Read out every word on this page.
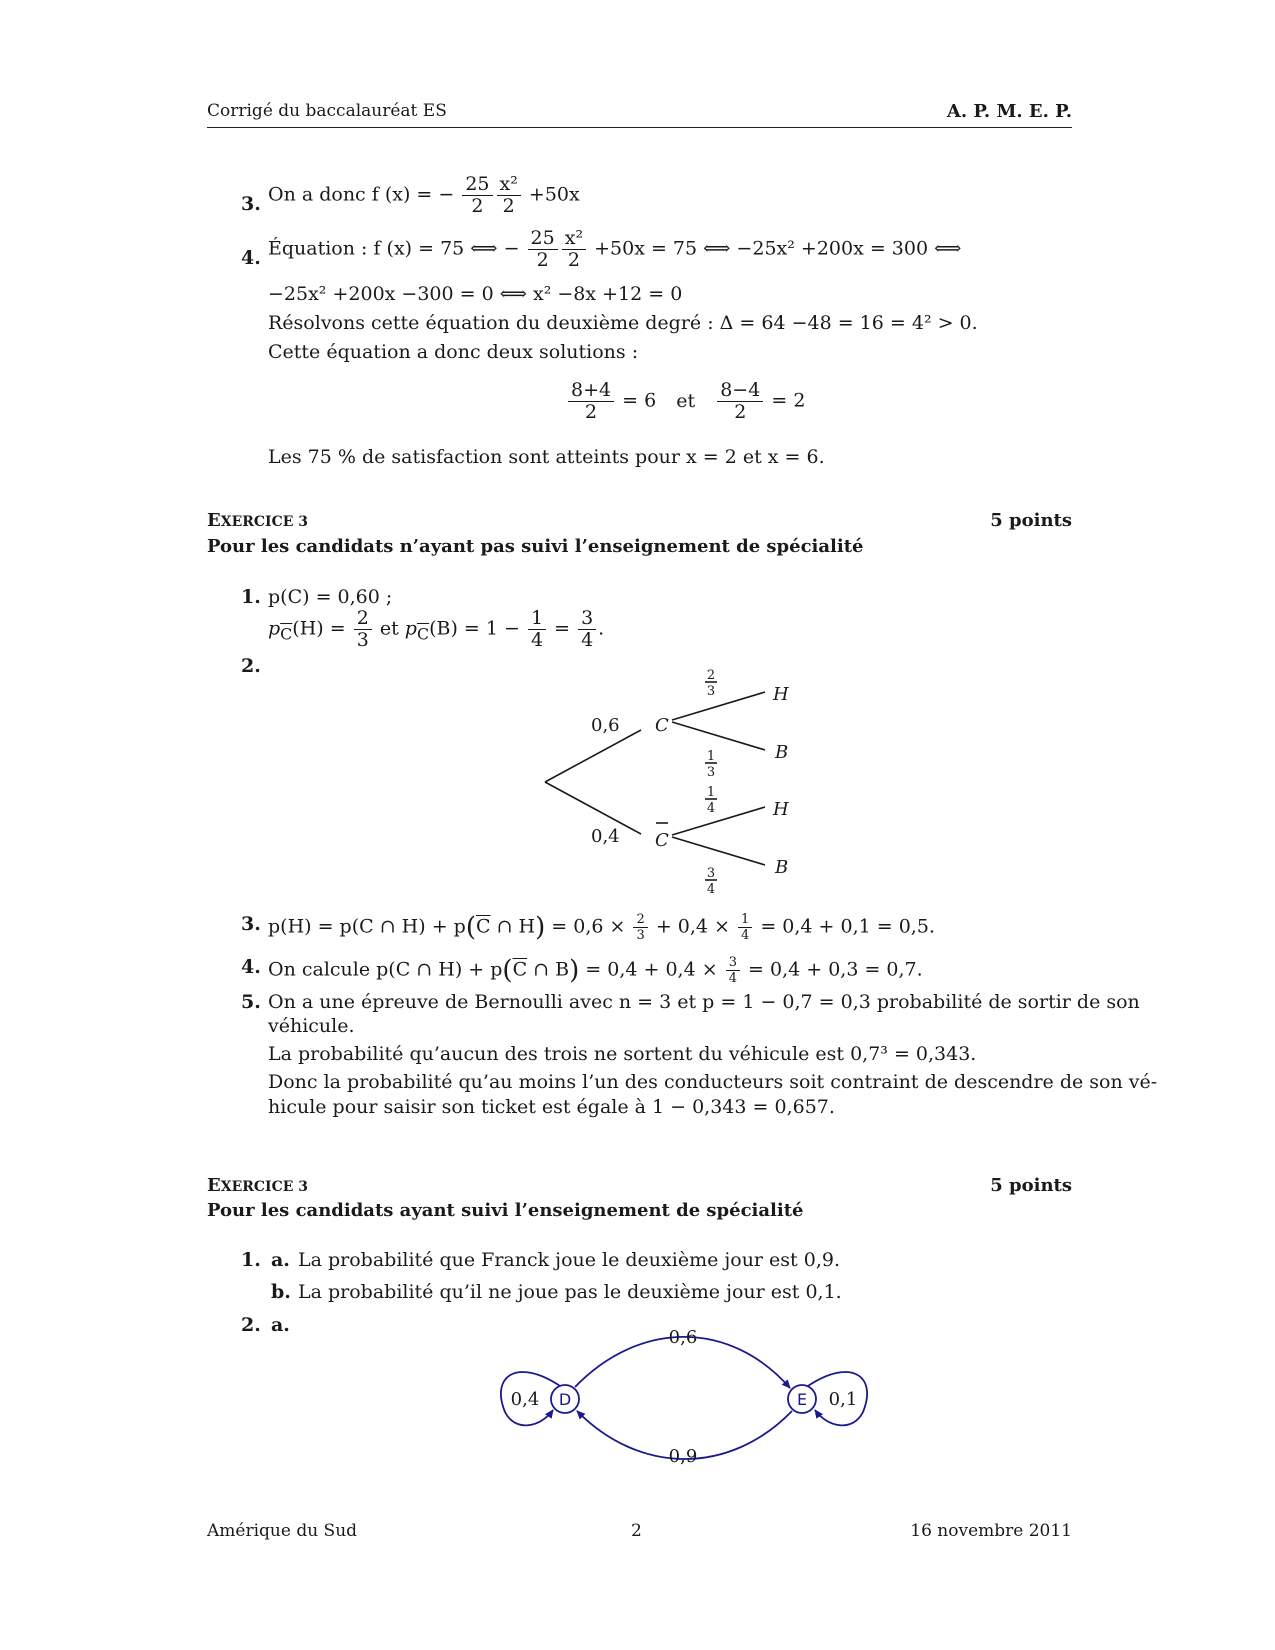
Corrigé du baccalauréat ES	A. P. M. E. P.
3. On a donc f (x) = − $\frac{25}{2} \frac{\text{x²}}{2} +50x$
4. Équation : f (x) = 75 ⟺ − $\frac{25}{2} \frac{\text{x²}}{2} +50x = 75$ ⟺ −25x² +200x = 300 ⟺
−25x² +200x −300 = 0 ⟺ x² −8x +12 = 0
Résolvons cette équation du deuxième degré : Δ = 64 −48 = 16 = 4² > 0.
Cette équation a donc deux solutions :
$\frac{8+4}{2} = 6$ et $\frac{8-4}{2} = 2$
Les 75 % de satisfaction sont atteints pour x = 2 et x = 6.
EXERCICE 3	5 points
Pour les candidats n’ayant pas suivi l’enseignement de spécialité
1. p(C) = 0,60 ;
$p_{\overline{C}}(H) = \frac{2}{3}$ et $p_{\overline{C}}(B) = 1 - \frac{1}{4} = \frac{3}{4}$ .
2.
0,6
0,4
C
C
H
B
H
B
2
3
1
3
1
4
3
4
3. p(H) = p(C ∩ $H) + p(\overline{C}$ ∩ $H) = 0,6 \times \frac{2}{3} + 0,4 \times \frac{1}{4} = 0,4 + 0,1 = 0,5$.
4. On calcule p(C ∩ $H) + p(\overline{C}$ ∩ $B) = 0,4 + 0,4 \times \frac{3}{4} = 0,4 + 0,3 = 0,7$.
5. On a une épreuve de Bernoulli avec n = 3 et p = 1 − 0,7 = 0,3 probabilité de sortir de son
véhicule.
La probabilité qu’aucun des trois ne sortent du véhicule est 0,7³ = 0,343.
Donc la probabilité qu’au moins l’un des conducteurs soit contraint de descendre de son vé-
hicule pour saisir son ticket est égale à 1 − 0,343 = 0,657.
EXERCICE 3	5 points
Pour les candidats ayant suivi l’enseignement de spécialité
1. a. La probabilité que Franck joue le deuxième jour est 0,9.
b. La probabilité qu’il ne joue pas le deuxième jour est 0,1.
2. a.
D	E
0,4	0,1
0,6
0,9
Amérique du Sud	2	16 novembre 2011
